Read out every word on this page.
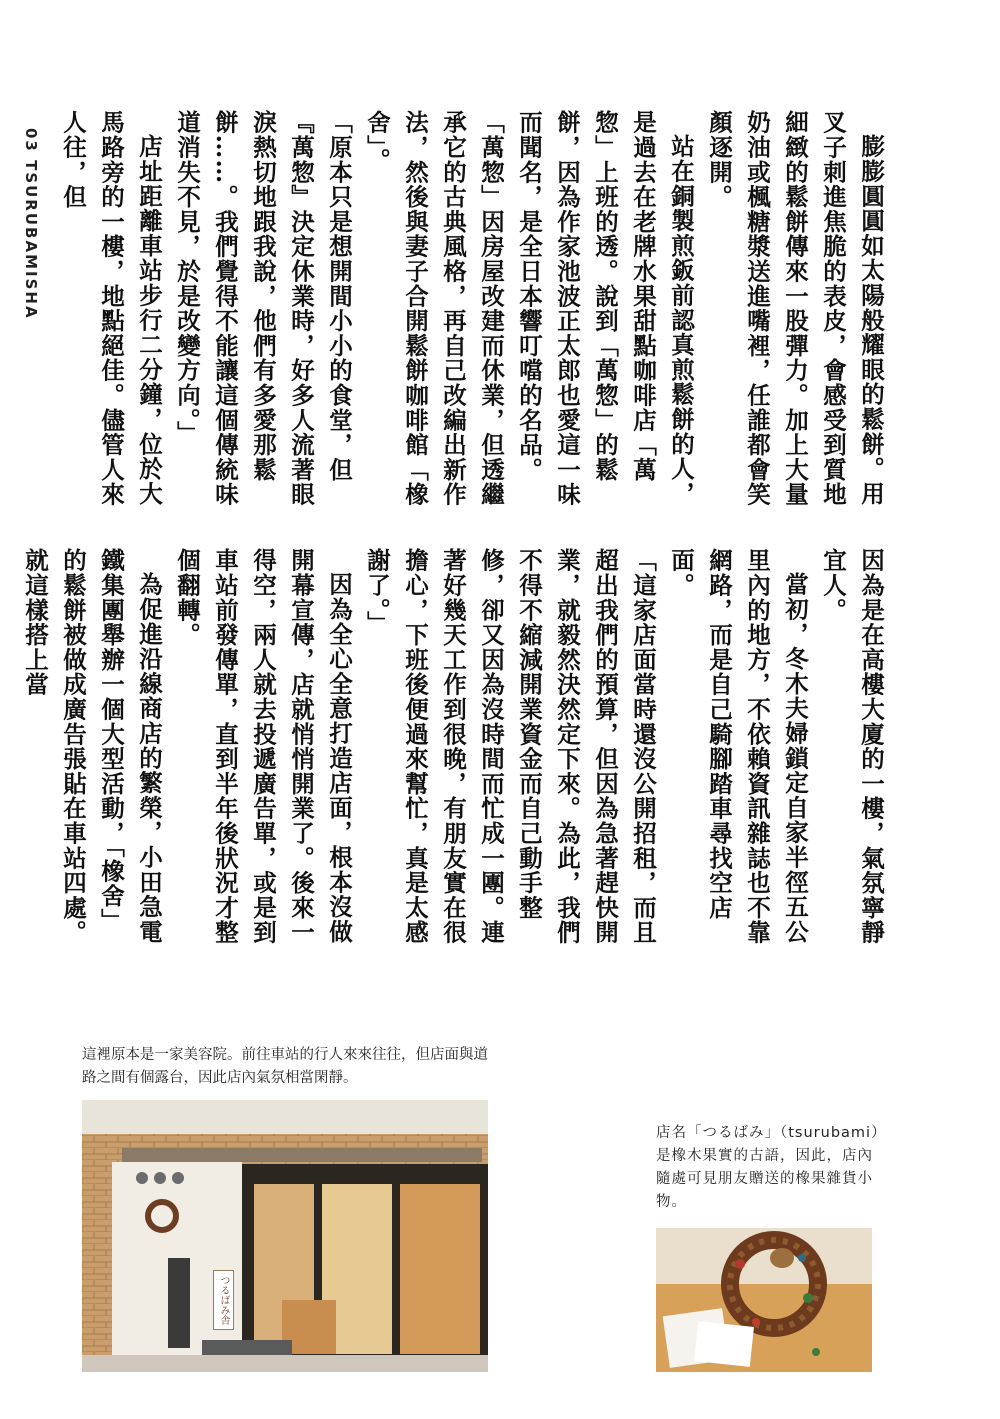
03 TSURUBAMISHA	膨膨圓圓如太陽般耀眼的鬆餅。用叉子刺進焦脆的表皮，會感受到質地細緻的鬆餅傳來一股彈力。加上大量奶油或楓糖漿送進嘴裡，任誰都會笑顏逐開。

站在銅製煎鈑前認真煎鬆餅的人，是過去在老牌水果甜點咖啡店「萬惣」上班的透。說到「萬惣」的鬆餅，因為作家池波正太郎也愛這一味而聞名，是全日本響叮噹的名品。

「萬惣」因房屋改建而休業，但透繼承它的古典風格，再自己改編出新作法，然後與妻子合開鬆餅咖啡館「橡舍」。

「原本只是想開間小小的食堂，但『萬惣』決定休業時，好多人流著眼淚熱切地跟我說，他們有多愛那鬆餅……。我們覺得不能讓這個傳統味道消失不見，於是改變方向。」

店址距離車站步行二分鐘，位於大馬路旁的一樓，地點絕佳。儘管人來人往，但

因為是在高樓大廈的一樓，氣氛寧靜宜人。

當初，冬木夫婦鎖定自家半徑五公里內的地方，不依賴資訊雜誌也不靠網路，而是自己騎腳踏車尋找空店面。

「這家店面當時還沒公開招租，而且超出我們的預算，但因為急著趕快開業，就毅然決然定下來。為此，我們不得不縮減開業資金而自己動手整修，卻又因為沒時間而忙成一團。連著好幾天工作到很晚，有朋友實在很擔心，下班後便過來幫忙，真是太感謝了。」

因為全心全意打造店面，根本沒做開幕宣傳，店就悄悄開業了。後來一得空，兩人就去投遞廣告單，或是到車站前發傳單，直到半年後狀況才整個翻轉。

為促進沿線商店的繁榮，小田急電鐵集團舉辦一個大型活動，「橡舍」的鬆餅被做成廣告張貼在車站四處。就這樣搭上當

這裡原本是一家美容院。前往車站的行人來來往往，但店面與道路之間有個露台，因此店內氣氛相當閑靜。
つるばみ舎
店名「つるばみ」（tsurubami）是橡木果實的古語，因此，店內隨處可見朋友贈送的橡果雜貨小物。
